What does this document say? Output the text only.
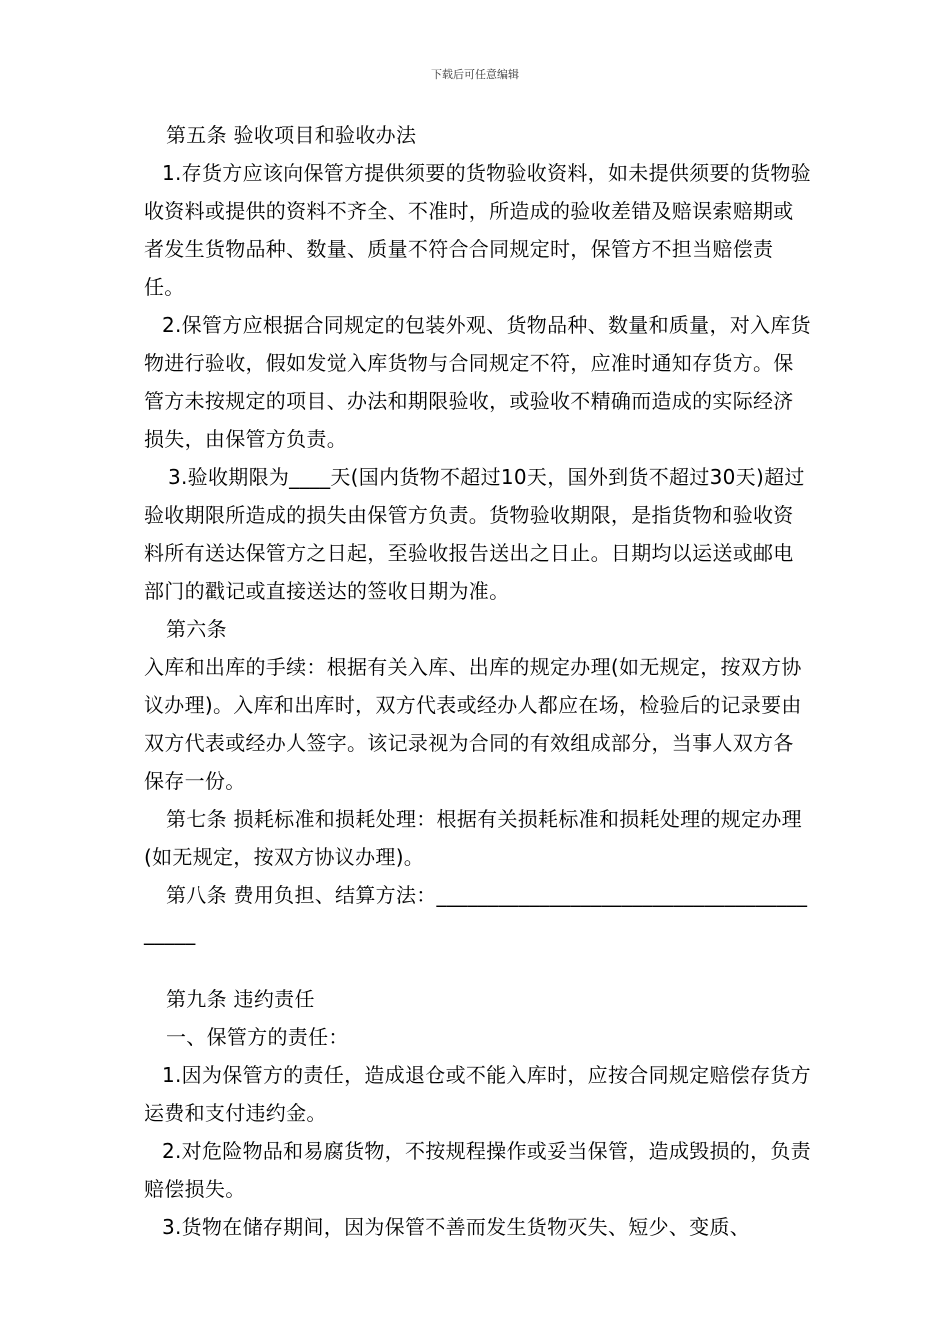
下载后可任意编辑

第五条 验收项目和验收办法

1.存货方应该向保管方提供须要的货物验收资料，如未提供须要的货物验收资料或提供的资料不齐全、不准时，所造成的验收差错及赔误索赔期或者发生货物品种、数量、质量不符合合同规定时，保管方不担当赔偿责任。

2.保管方应根据合同规定的包装外观、货物品种、数量和质量，对入库货物进行验收，假如发觉入库货物与合同规定不符，应准时通知存货方。保管方未按规定的项目、办法和期限验收，或验收不精确而造成的实际经济损失，由保管方负责。

3.验收期限为____天(国内货物不超过10天，国外到货不超过30天)超过验收期限所造成的损失由保管方负责。货物验收期限，是指货物和验收资料所有送达保管方之日起，至验收报告送出之日止。日期均以运送或邮电部门的戳记或直接送达的签收日期为准。

第六条

入库和出库的手续：根据有关入库、出库的规定办理(如无规定，按双方协议办理)。入库和出库时，双方代表或经办人都应在场，检验后的记录要由双方代表或经办人签字。该记录视为合同的有效组成部分，当事人双方各保存一份。

第七条 损耗标准和损耗处理：根据有关损耗标准和损耗处理的规定办理(如无规定，按双方协议办理)。

第八条 费用负担、结算方法：_________________________________________

第九条 违约责任

一、保管方的责任：

1.因为保管方的责任，造成退仓或不能入库时，应按合同规定赔偿存货方运费和支付违约金。

2.对危险物品和易腐货物，不按规程操作或妥当保管，造成毁损的，负责赔偿损失。

3.货物在储存期间，因为保管不善而发生货物灭失、短少、变质、
